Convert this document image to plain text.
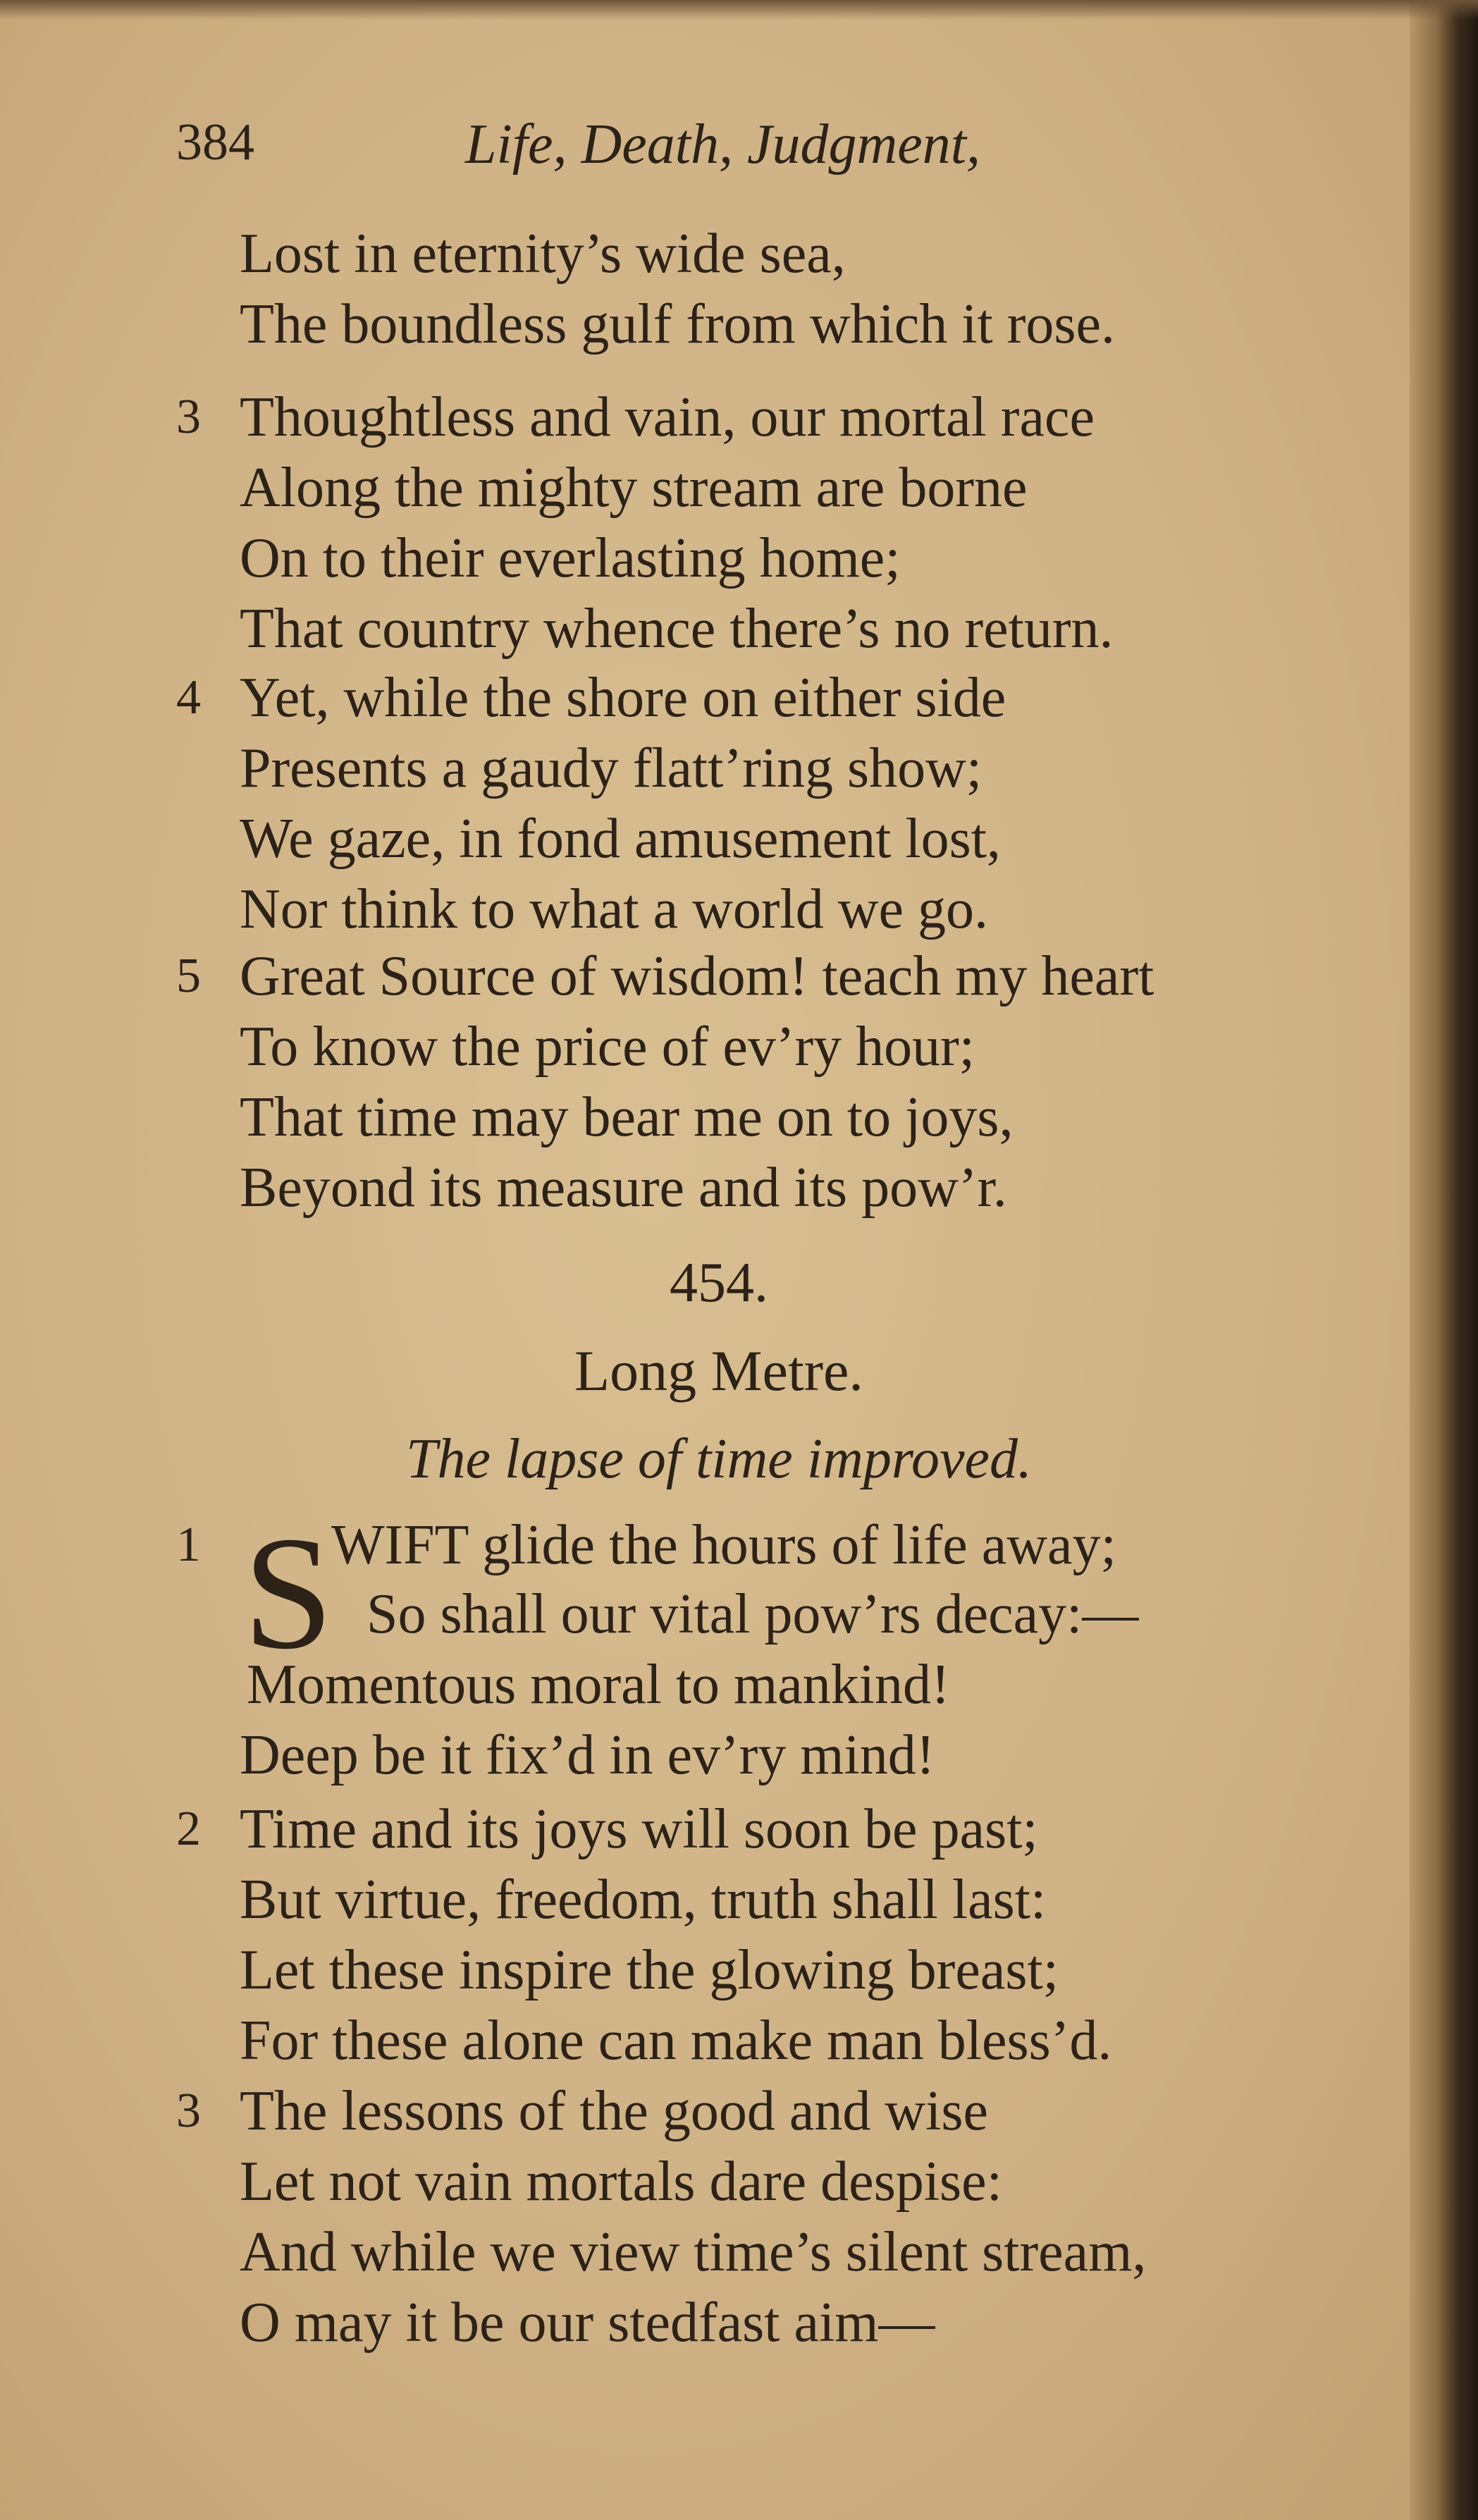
384	Life, Death, Judgment,
Lost in eternity’s wide sea,
The boundless gulf from which it rose.
3 Thoughtless and vain, our mortal race
Along the mighty stream are borne
On to their everlasting home;
That country whence there’s no return.
4 Yet, while the shore on either side
Presents a gaudy flatt’ring show;
We gaze, in fond amusement lost,
Nor think to what a world we go.
5 Great Source of wisdom! teach my heart
To know the price of ev’ry hour;
That time may bear me on to joys,
Beyond its measure and its pow’r.
454.
Long Metre.
The lapse of time improved.
1 S
WIFT glide the hours of life away;
So shall our vital pow’rs decay:—
Momentous moral to mankind!
Deep be it fix’d in ev’ry mind!
2 Time and its joys will soon be past;
But virtue, freedom, truth shall last:
Let these inspire the glowing breast;
For these alone can make man bless’d.
3 The lessons of the good and wise
Let not vain mortals dare despise:
And while we view time’s silent stream,
O may it be our stedfast aim—
